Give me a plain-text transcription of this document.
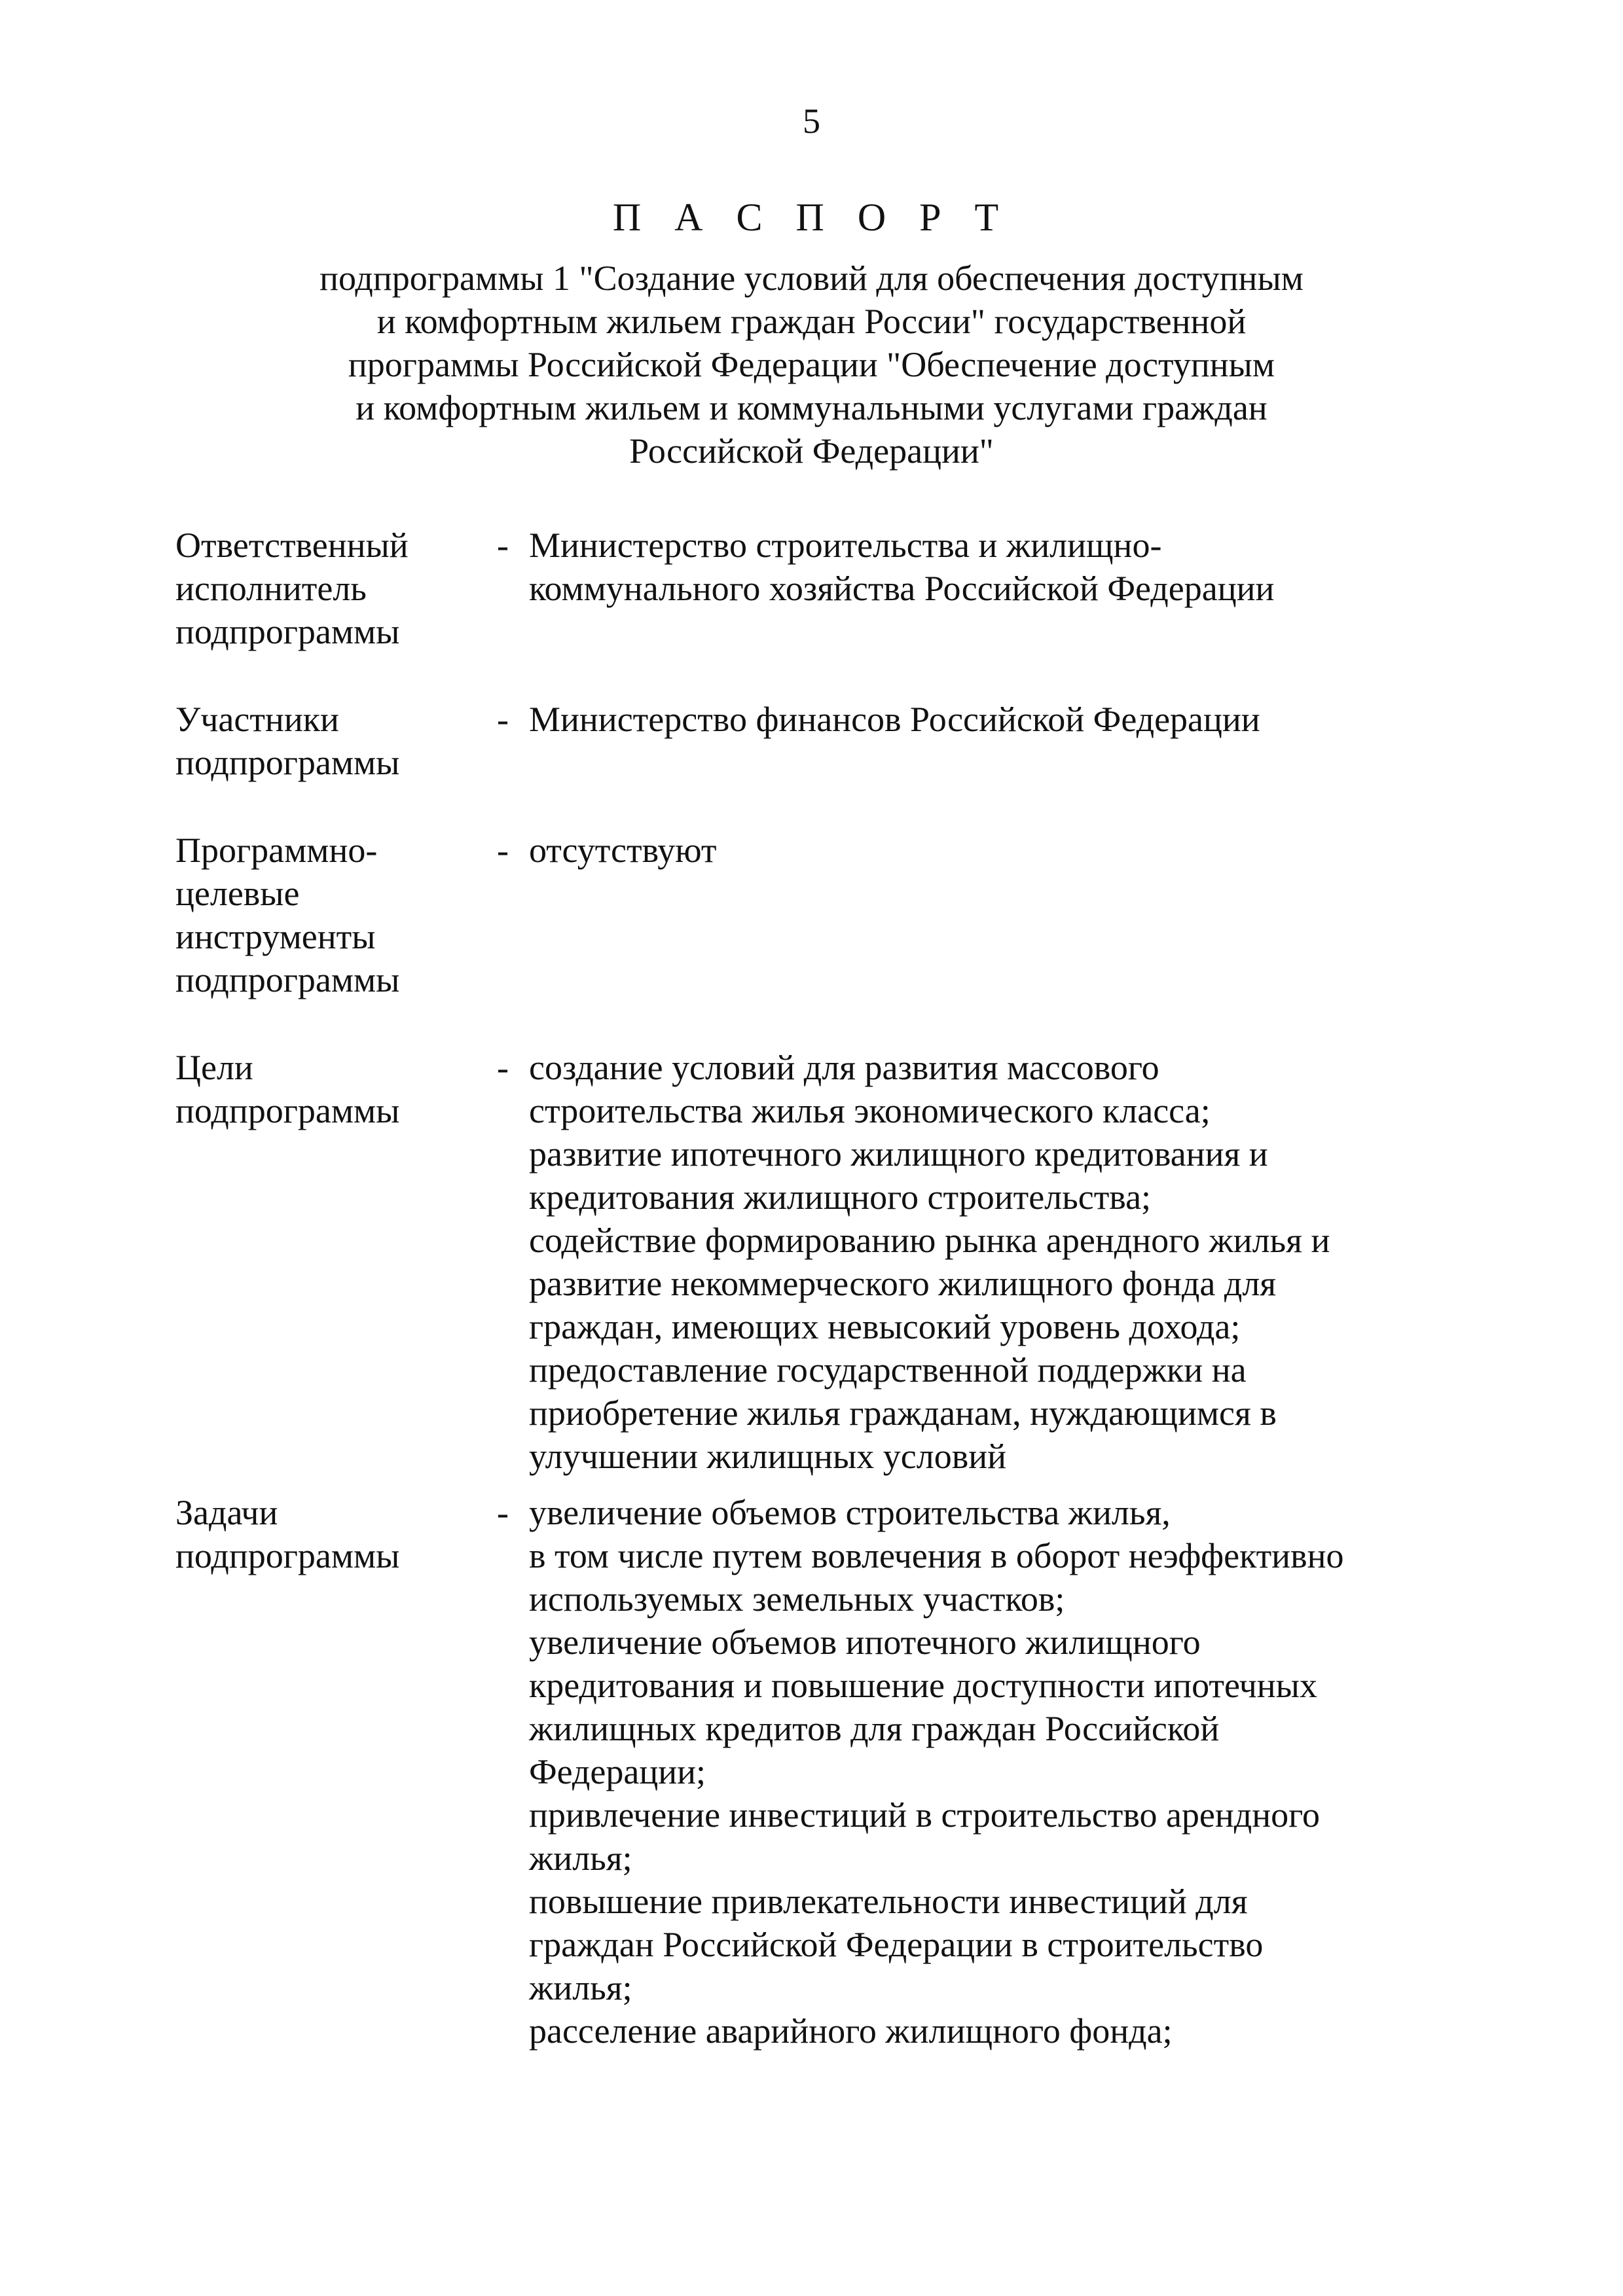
5
П А С П О Р Т
подпрограммы 1 "Создание условий для обеспечения доступным
и комфортным жильем граждан России" государственной
программы Российской Федерации "Обеспечение доступным
и комфортным жильем и коммунальными услугами граждан
Российской Федерации"
Ответственный
исполнитель
подпрограммы
- Министерство строительства и жилищно-
коммунального хозяйства Российской Федерации
Участники
подпрограммы
- Министерство финансов Российской Федерации
Программно-
целевые
инструменты
подпрограммы
- отсутствуют
Цели
подпрограммы
- создание условий для развития массового
строительства жилья экономического класса;
развитие ипотечного жилищного кредитования и
кредитования жилищного строительства;
содействие формированию рынка арендного жилья и
развитие некоммерческого жилищного фонда для
граждан, имеющих невысокий уровень дохода;
предоставление государственной поддержки на
приобретение жилья гражданам, нуждающимся в
улучшении жилищных условий
Задачи
подпрограммы
- увеличение объемов строительства жилья,
в том числе путем вовлечения в оборот неэффективно
используемых земельных участков;
увеличение объемов ипотечного жилищного
кредитования и повышение доступности ипотечных
жилищных кредитов для граждан Российской
Федерации;
привлечение инвестиций в строительство арендного
жилья;
повышение привлекательности инвестиций для
граждан Российской Федерации в строительство
жилья;
расселение аварийного жилищного фонда;
